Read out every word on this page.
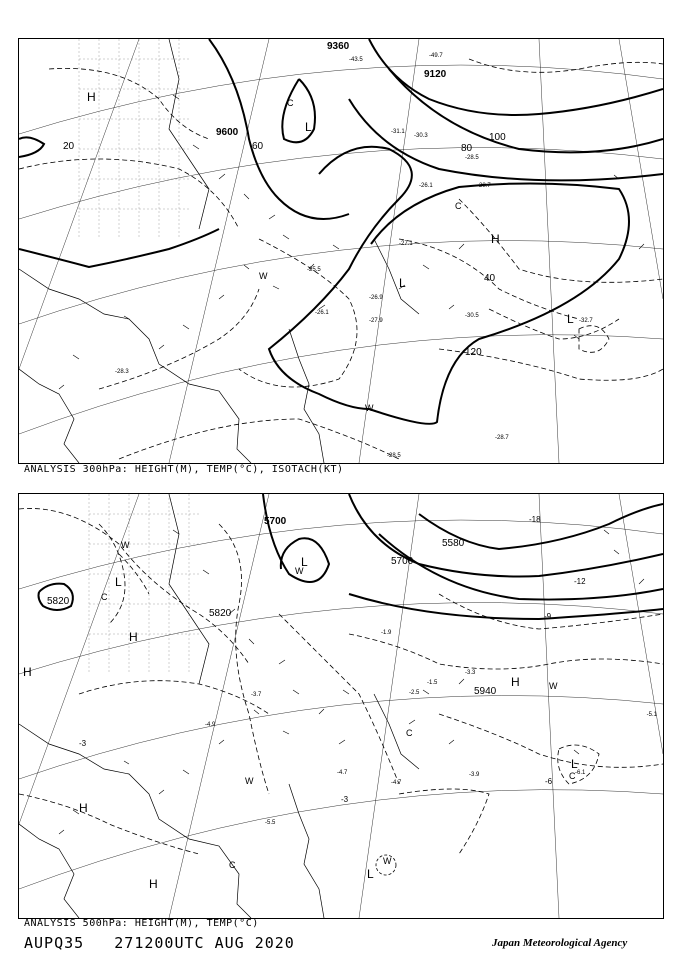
-49.7
-43.5
-30.3
-31.1
-28.5
-28.7
-26.1
-25.5
-27.1
-26.9
-30.5
-32.7
-28.3
-27.9
-26.1
-28.5
-28.7
9360
9120
9600
20
40
60	80
100
120
H	C
L
W
C
H
L
W
L
ANALYSIS 300hPa: HEIGHT(M), TEMP(°C), ISOTACH(KT)
-3
-3
-6
-9
-12
-18
-5.1
-6.1
-4.7
-3.3
-1.9
-3.9
-5.5
-4.9
-3.7
-4.7
-1.5
-2.5
5700
5700
5580
5820
5820
5940
W
L
C
H
H
H
W
L
C
H	W
C
L
W
C
H
L
W
ANALYSIS 500hPa: HEIGHT(M), TEMP(°C)
AUPQ35 271200UTC AUG 2020	Japan Meteorological Agency
